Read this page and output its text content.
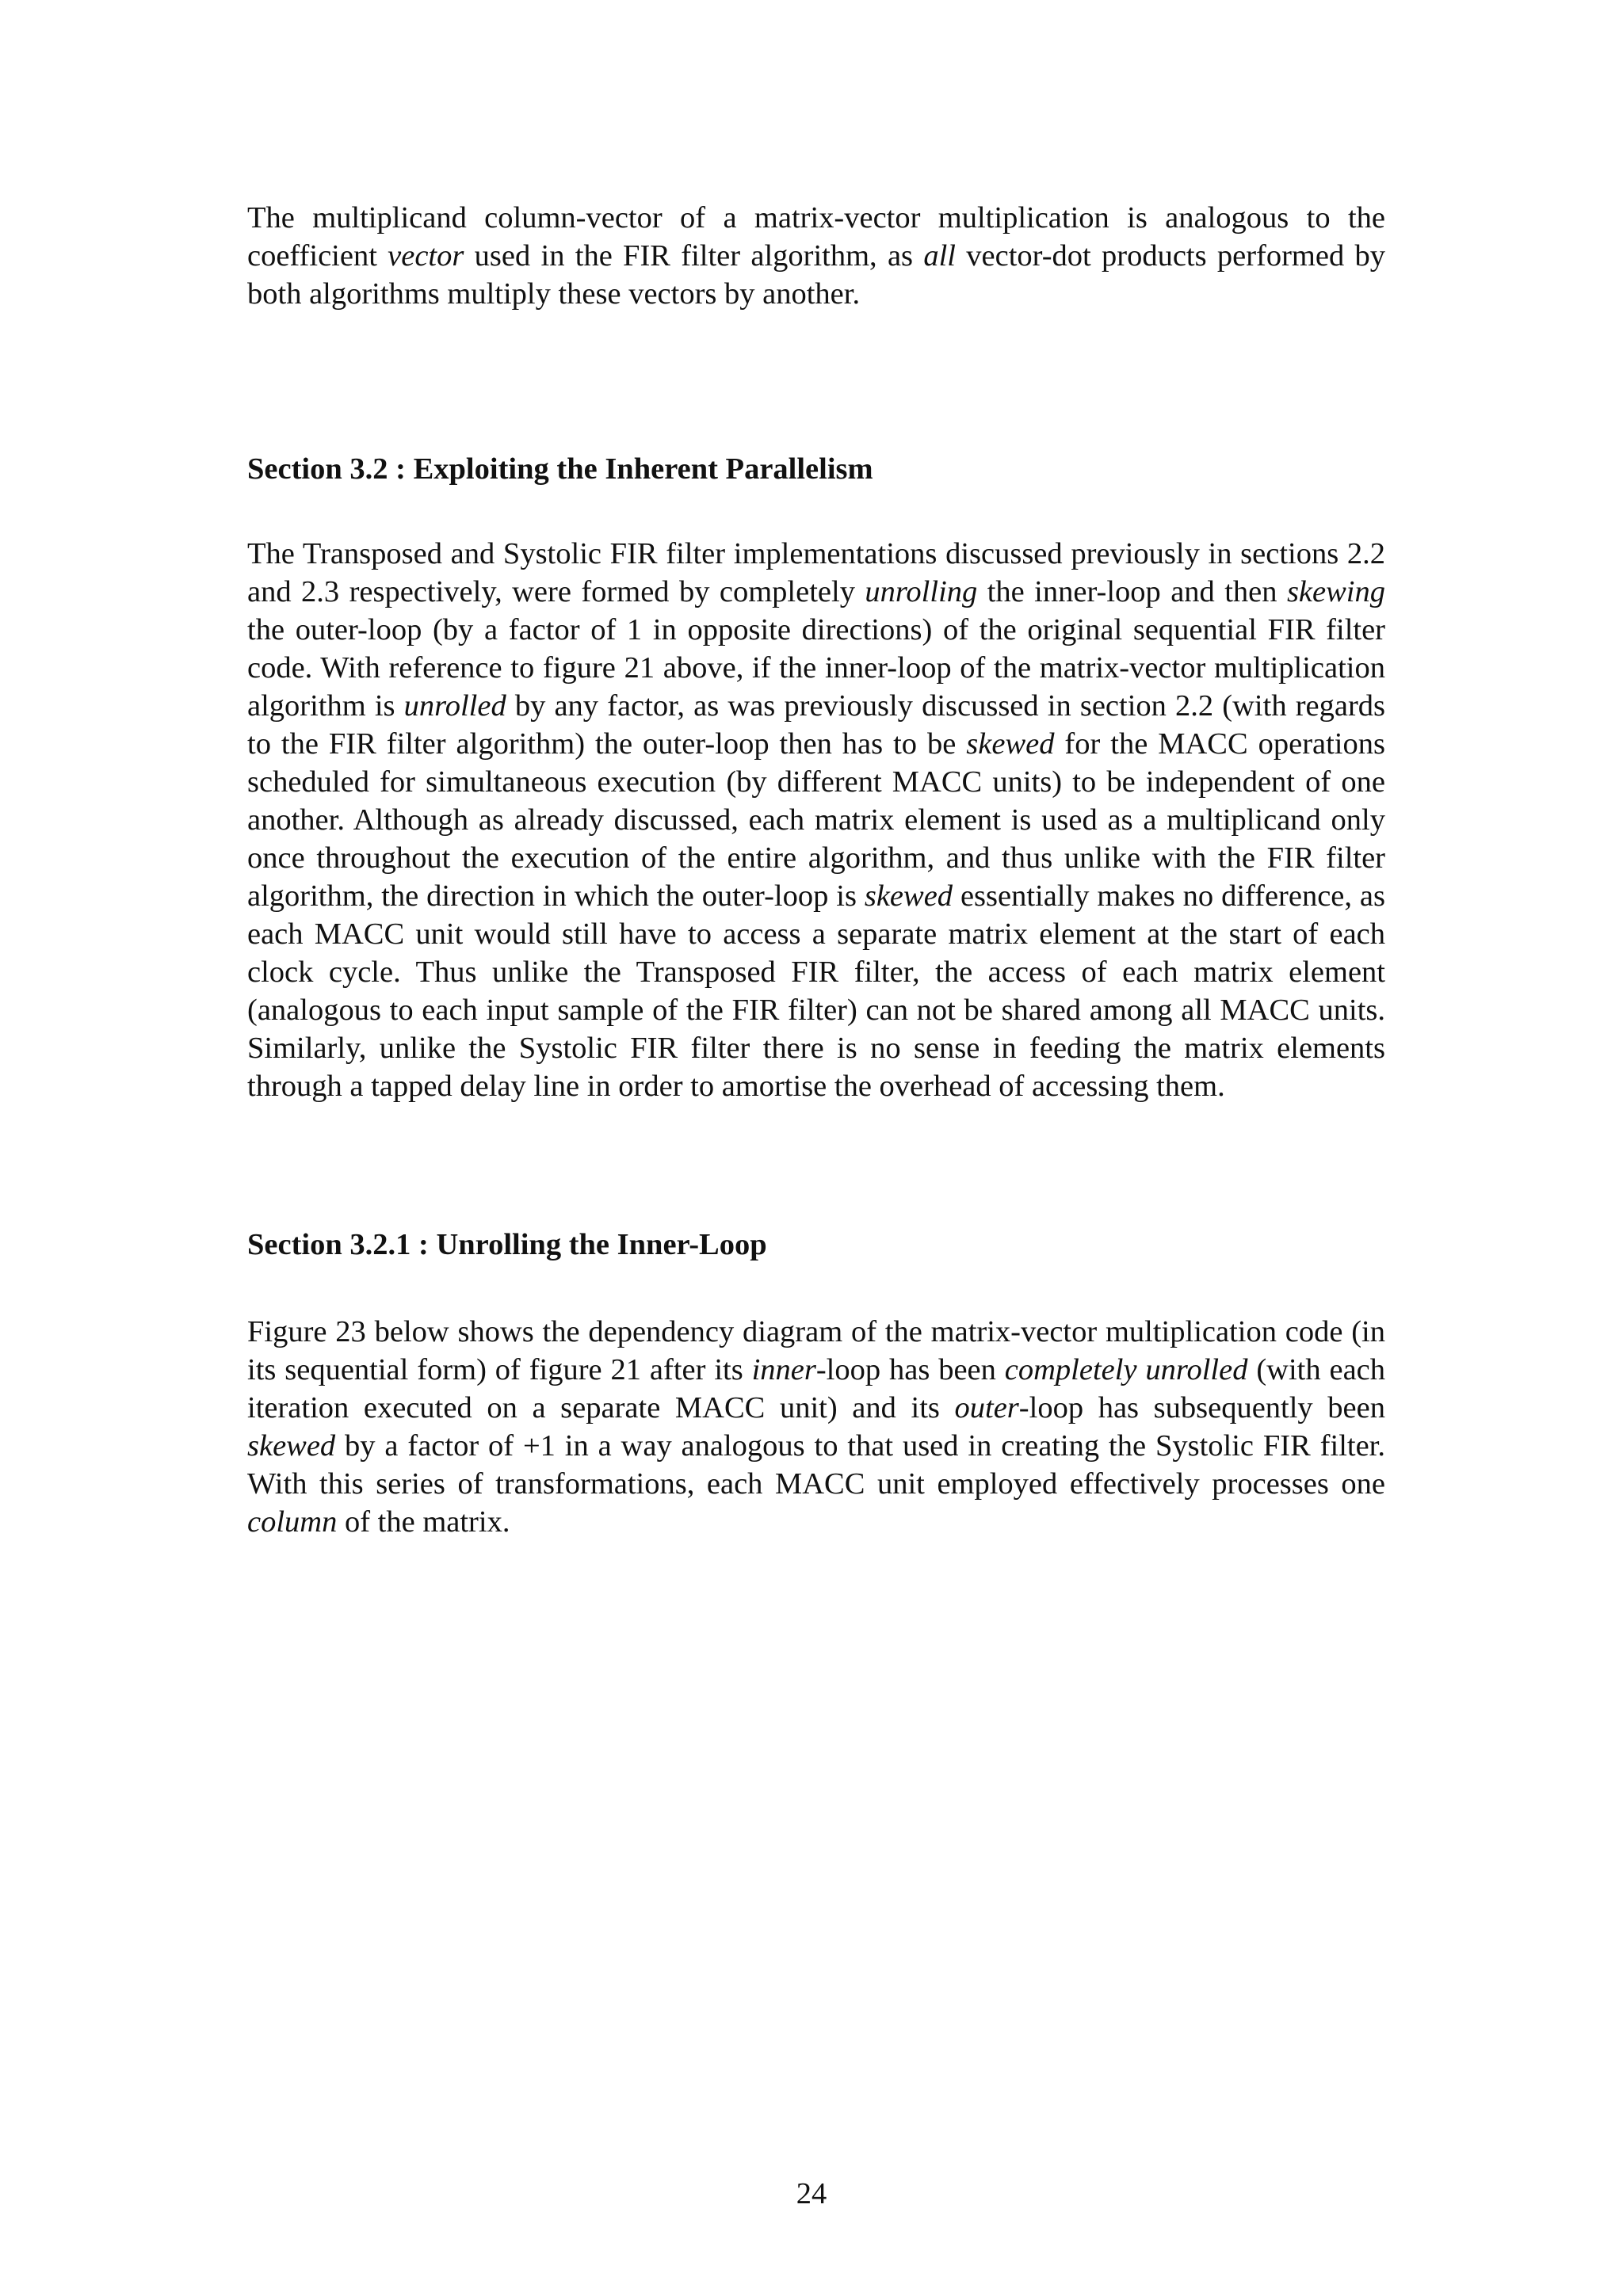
The multiplicand column-vector of a matrix-vector multiplication is analogous to the coefficient vector used in the FIR filter algorithm, as all vector-dot products performed by both algorithms multiply these vectors by another.

Section 3.2 : Exploiting the Inherent Parallelism

The Transposed and Systolic FIR filter implementations discussed previously in sections 2.2 and 2.3 respectively, were formed by completely unrolling the inner-loop and then skewing the outer-loop (by a factor of 1 in opposite directions) of the original sequential FIR filter code. With reference to figure 21 above, if the inner-loop of the matrix-vector multiplication algorithm is unrolled by any factor, as was previously discussed in section 2.2 (with regards to the FIR filter algorithm) the outer-loop then has to be skewed for the MACC operations scheduled for simultaneous execution (by different MACC units) to be independent of one another. Although as already discussed, each matrix element is used as a multiplicand only once throughout the execution of the entire algorithm, and thus unlike with the FIR filter algorithm, the direction in which the outer-loop is skewed essentially makes no difference, as each MACC unit would still have to access a separate matrix element at the start of each clock cycle. Thus unlike the Transposed FIR filter, the access of each matrix element (analogous to each input sample of the FIR filter) can not be shared among all MACC units. Similarly, unlike the Systolic FIR filter there is no sense in feeding the matrix elements through a tapped delay line in order to amortise the overhead of accessing them.

Section 3.2.1 : Unrolling the Inner-Loop

Figure 23 below shows the dependency diagram of the matrix-vector multiplication code (in its sequential form) of figure 21 after its inner-loop has been completely unrolled (with each iteration executed on a separate MACC unit) and its outer-loop has subsequently been skewed by a factor of +1 in a way analogous to that used in creating the Systolic FIR filter. With this series of transformations, each MACC unit employed effectively processes one column of the matrix.

24
